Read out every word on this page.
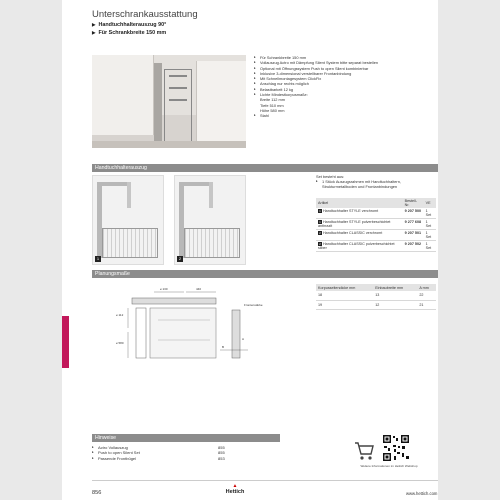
Unterschrankausstattung
▶ Handtuchhalterauszug 90°
▶ Für Schrankbreite 150 mm
▸ Für Schrankbreite 150 mm
▸ Vollauszug Actro mit Dämpfung Silent System bitte separat bestellen
▸ Optional mit Öffnungssystem Push to open Silent kombinierbar
▸ Inklusive 3-dimensional verstellbarer Frontanbindung
▸ Mit Schnellmontagesystem ClickFix
▸ Anschlag nur rechts möglich
▸ Belastbarkeit 12 kg
▸ Lichte Mindestkorpusmaße:
Breite 112 mm
Tiefe 510 mm
Höhe 580 mm
▸ Stahl
Handtuchhalterauszug
1	2
Set besteht aus:
▸ 1 Stück Auszugsrahmen mit Handtuchhaltern, Strukturmetallboden und Frontanbindungen
Artikel	Bestell-Nr.	VE
1 Handtuchhalter STYLE verchromt	9 207 500	1 Set
1 Handtuchhalter STYLE pulverbeschichtet anthrazit	9 277 608	1 Set
2 Handtuchhalter CLASSIC verchromt	9 207 501	1 Set
2 Handtuchhalter CLASSIC pulverbeschichtet silber	9 207 502	1 Set
Planungsmaße
≥ 130	440
≥ 112
≥ 580
Frontenstärke
A
B
Korpusseitendicke mm	Einbaubreite mm	A mm
18	13	22
19	12	21
Hinweise
▸ Actro Vollauszug	855
▸ Push to open Silent Set	855
▸ Passende Frontbügel	853
Weitere Informationen im Hettich Webshop
856
▲
Hettich	www.hettich.com
